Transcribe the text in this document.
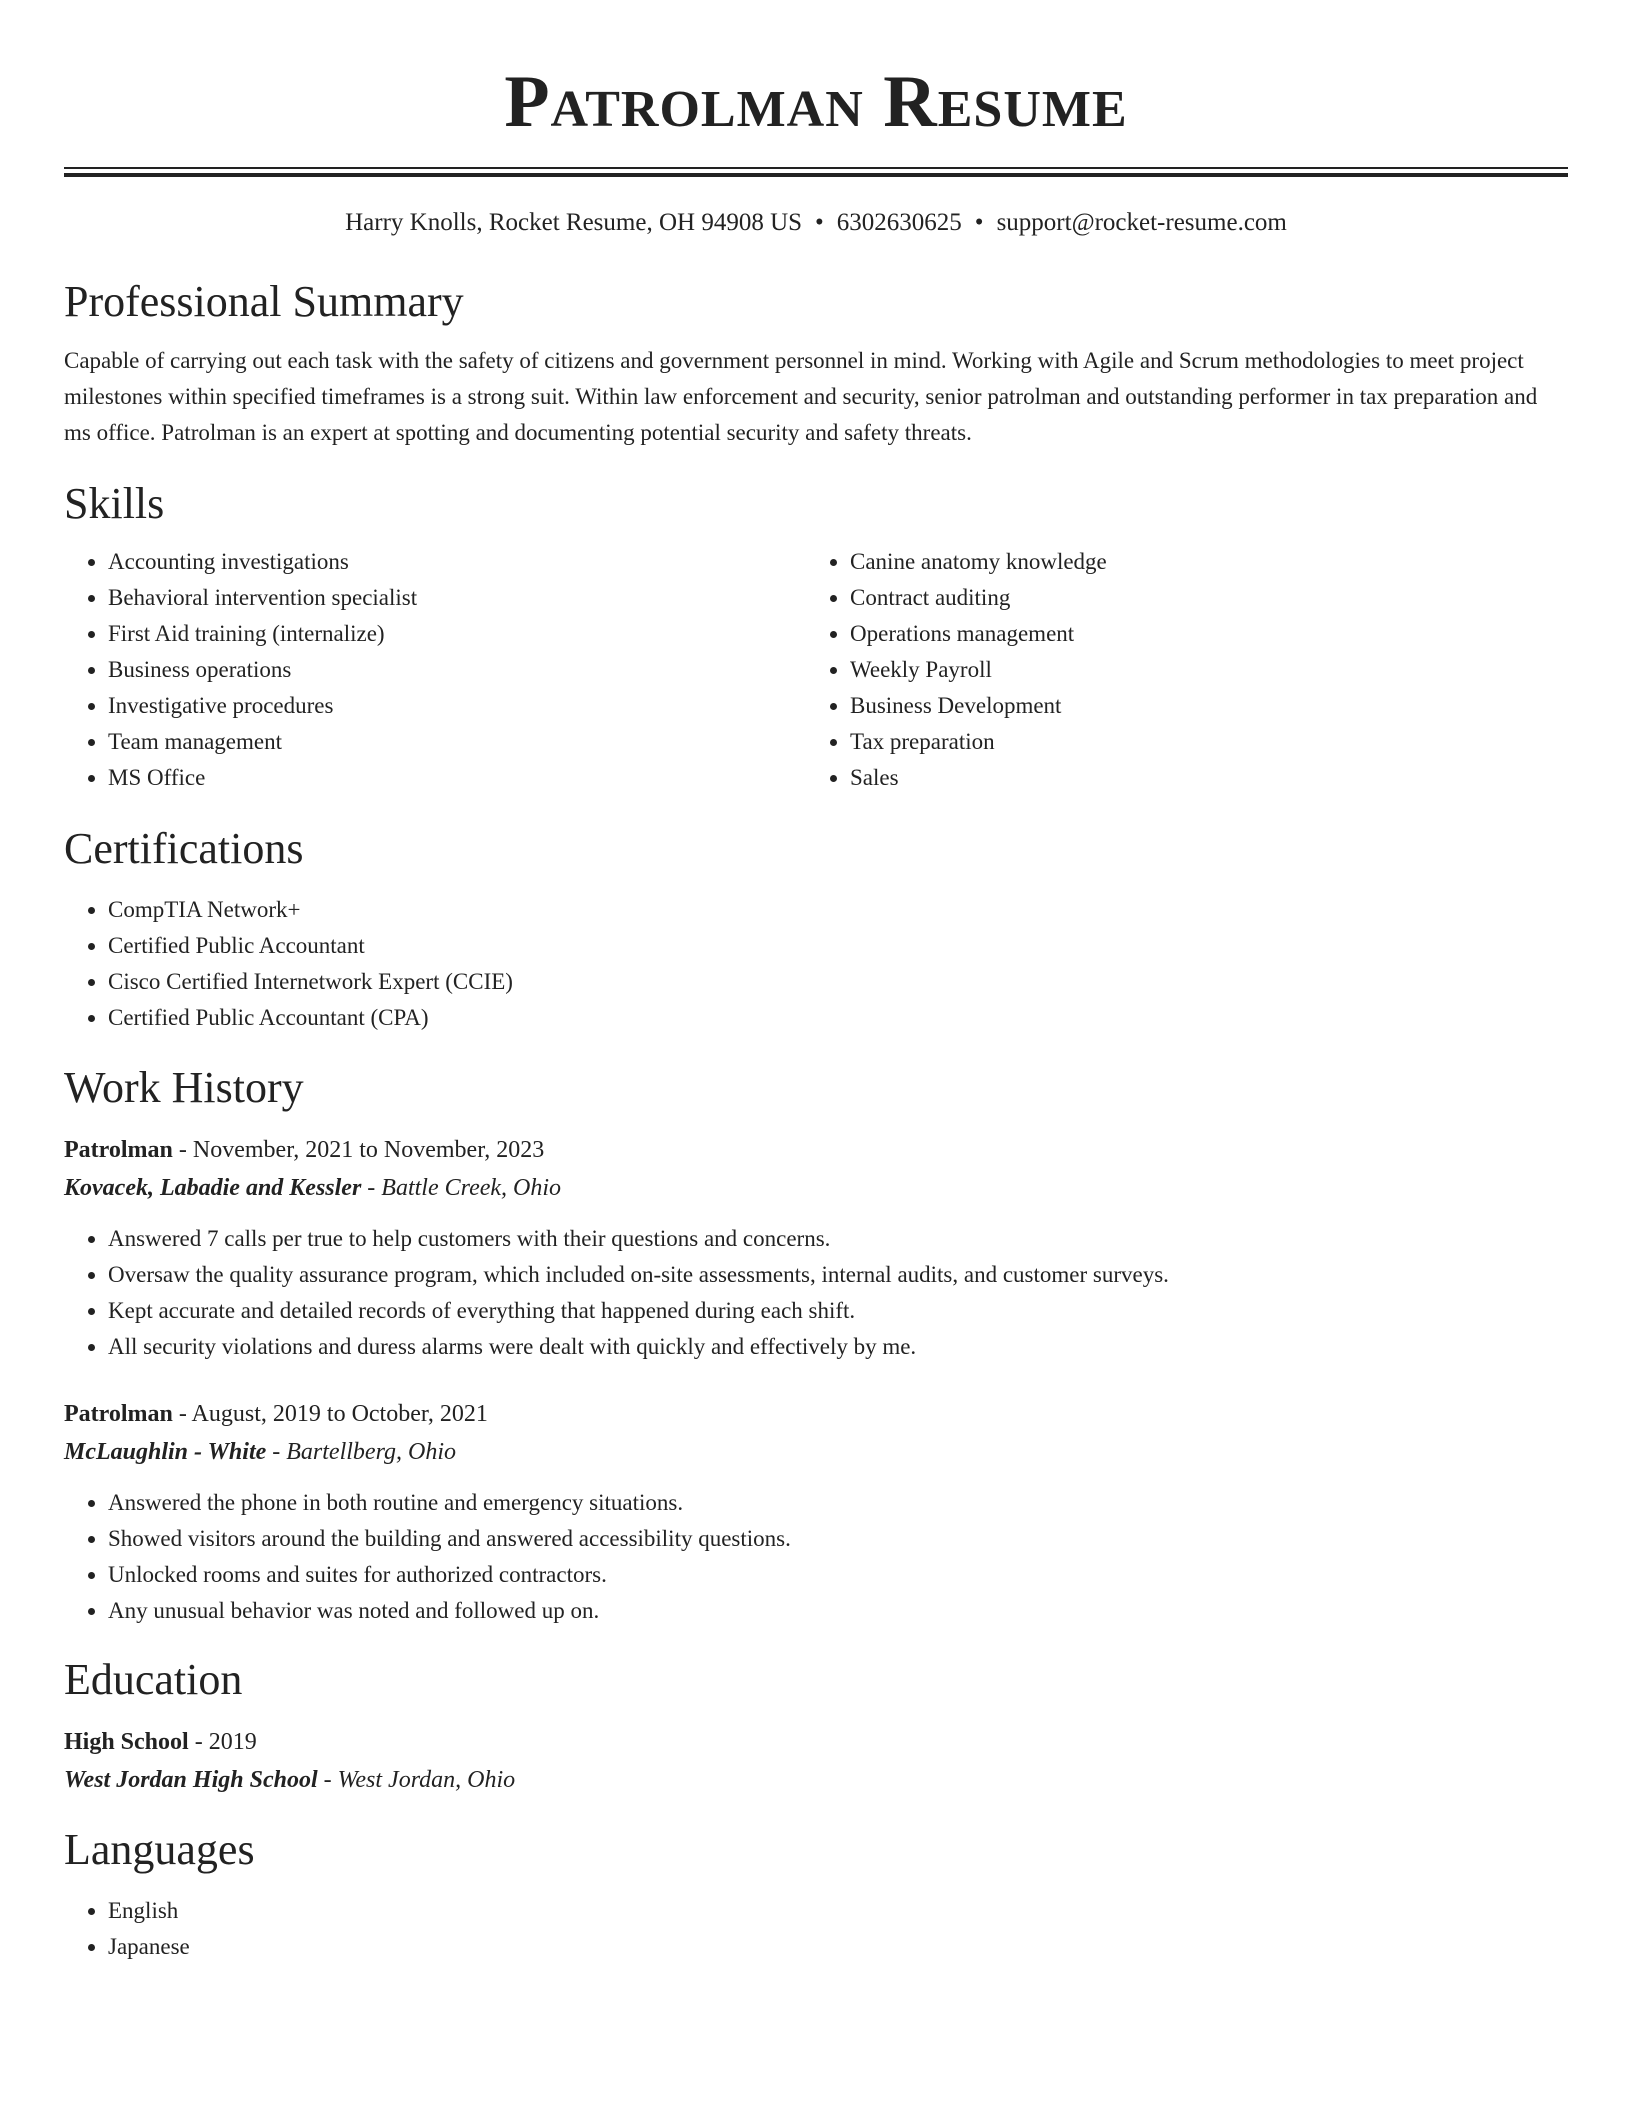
Patrolman Resume
Harry Knolls, Rocket Resume, OH 94908 US • 6302630625 • support@rocket-resume.com
Professional Summary

Capable of carrying out each task with the safety of citizens and government personnel in mind. Working with Agile and Scrum methodologies to meet project milestones within specified timeframes is a strong suit. Within law enforcement and security, senior patrolman and outstanding performer in tax preparation and ms office. Patrolman is an expert at spotting and documenting potential security and safety threats.

Skills
• Accounting investigations
• Behavioral intervention specialist
• First Aid training (internalize)
• Business operations
• Investigative procedures
• Team management
• MS Office
• Canine anatomy knowledge
• Contract auditing
• Operations management
• Weekly Payroll
• Business Development
• Tax preparation
• Sales
Certifications
• CompTIA Network+
• Certified Public Accountant
• Cisco Certified Internetwork Expert (CCIE)
• Certified Public Accountant (CPA)
Work History
Patrolman - November, 2021 to November, 2023
Kovacek, Labadie and Kessler - Battle Creek, Ohio
• Answered 7 calls per true to help customers with their questions and concerns.
• Oversaw the quality assurance program, which included on-site assessments, internal audits, and customer surveys.
• Kept accurate and detailed records of everything that happened during each shift.
• All security violations and duress alarms were dealt with quickly and effectively by me.
Patrolman - August, 2019 to October, 2021
McLaughlin - White - Bartellberg, Ohio
• Answered the phone in both routine and emergency situations.
• Showed visitors around the building and answered accessibility questions.
• Unlocked rooms and suites for authorized contractors.
• Any unusual behavior was noted and followed up on.
Education
High School - 2019
West Jordan High School - West Jordan, Ohio
Languages
• English
• Japanese
